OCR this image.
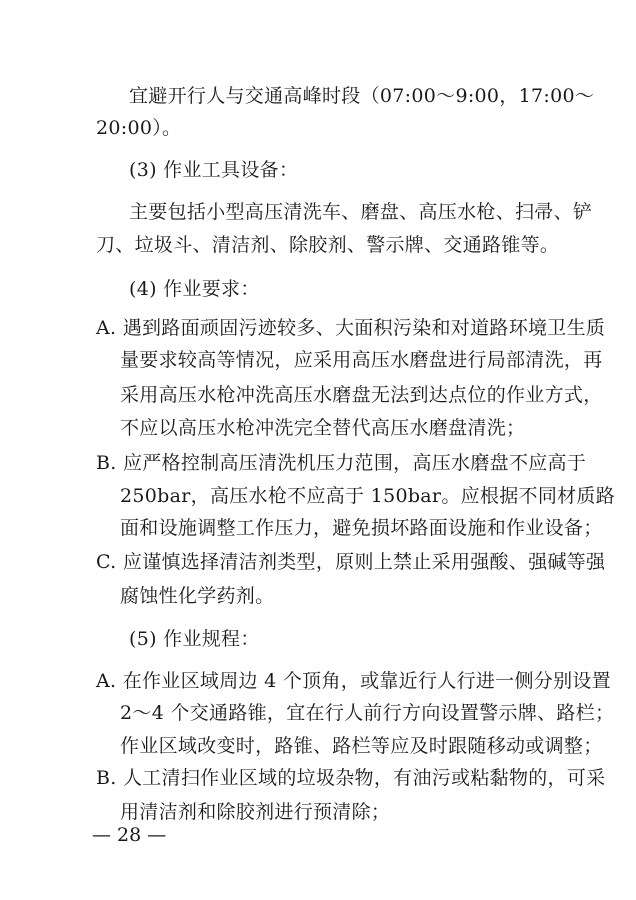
宜避开行人与交通高峰时段（07:00～9:00，17:00～
20:00）。
(3) 作业工具设备：
主要包括小型高压清洗车、磨盘、高压水枪、扫帚、铲
刀、垃圾斗、清洁剂、除胶剂、警示牌、交通路锥等。
(4) 作业要求：
A. 遇到路面顽固污迹较多、大面积污染和对道路环境卫生质
量要求较高等情况，应采用高压水磨盘进行局部清洗，再
采用高压水枪冲洗高压水磨盘无法到达点位的作业方式，
不应以高压水枪冲洗完全替代高压水磨盘清洗；
B. 应严格控制高压清洗机压力范围，高压水磨盘不应高于
250bar，高压水枪不应高于 150bar。应根据不同材质路
面和设施调整工作压力，避免损坏路面设施和作业设备；
C. 应谨慎选择清洁剂类型，原则上禁止采用强酸、强碱等强
腐蚀性化学药剂。
(5) 作业规程：
A. 在作业区域周边 4 个顶角，或靠近行人行进一侧分别设置
2～4 个交通路锥，宜在行人前行方向设置警示牌、路栏；
作业区域改变时，路锥、路栏等应及时跟随移动或调整；
B. 人工清扫作业区域的垃圾杂物，有油污或粘黏物的，可采
用清洁剂和除胶剂进行预清除；
— 28 —
